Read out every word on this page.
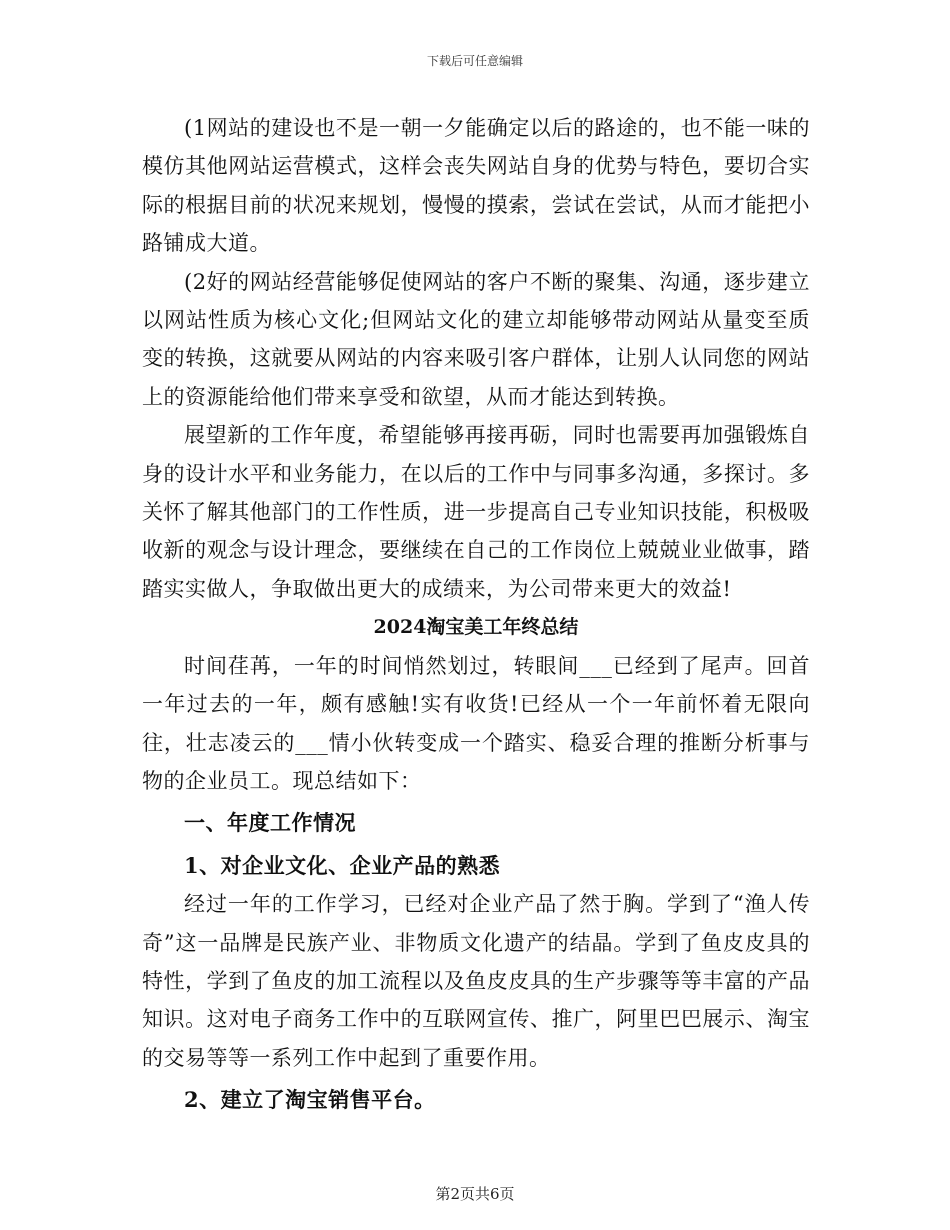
下载后可任意编辑

(1网站的建设也不是一朝一夕能确定以后的路途的，也不能一味的模仿其他网站运营模式，这样会丧失网站自身的优势与特色，要切合实际的根据目前的状况来规划，慢慢的摸索，尝试在尝试，从而才能把小路铺成大道。

(2好的网站经营能够促使网站的客户不断的聚集、沟通，逐步建立以网站性质为核心文化;但网站文化的建立却能够带动网站从量变至质变的转换，这就要从网站的内容来吸引客户群体，让别人认同您的网站上的资源能给他们带来享受和欲望，从而才能达到转换。

展望新的工作年度，希望能够再接再砺，同时也需要再加强锻炼自身的设计水平和业务能力，在以后的工作中与同事多沟通，多探讨。多关怀了解其他部门的工作性质，进一步提高自己专业知识技能，积极吸收新的观念与设计理念，要继续在自己的工作岗位上兢兢业业做事，踏踏实实做人，争取做出更大的成绩来，为公司带来更大的效益!

2024淘宝美工年终总结

时间荏苒，一年的时间悄然划过，转眼间___已经到了尾声。回首一年过去的一年，颇有感触!实有收货!已经从一个一年前怀着无限向往，壮志凌云的___情小伙转变成一个踏实、稳妥合理的推断分析事与物的企业员工。现总结如下：

一、年度工作情况

1、对企业文化、企业产品的熟悉

经过一年的工作学习，已经对企业产品了然于胸。学到了“渔人传奇”这一品牌是民族产业、非物质文化遗产的结晶。学到了鱼皮皮具的特性，学到了鱼皮的加工流程以及鱼皮皮具的生产步骤等等丰富的产品知识。这对电子商务工作中的互联网宣传、推广，阿里巴巴展示、淘宝的交易等等一系列工作中起到了重要作用。

2、建立了淘宝销售平台。

第2页共6页
